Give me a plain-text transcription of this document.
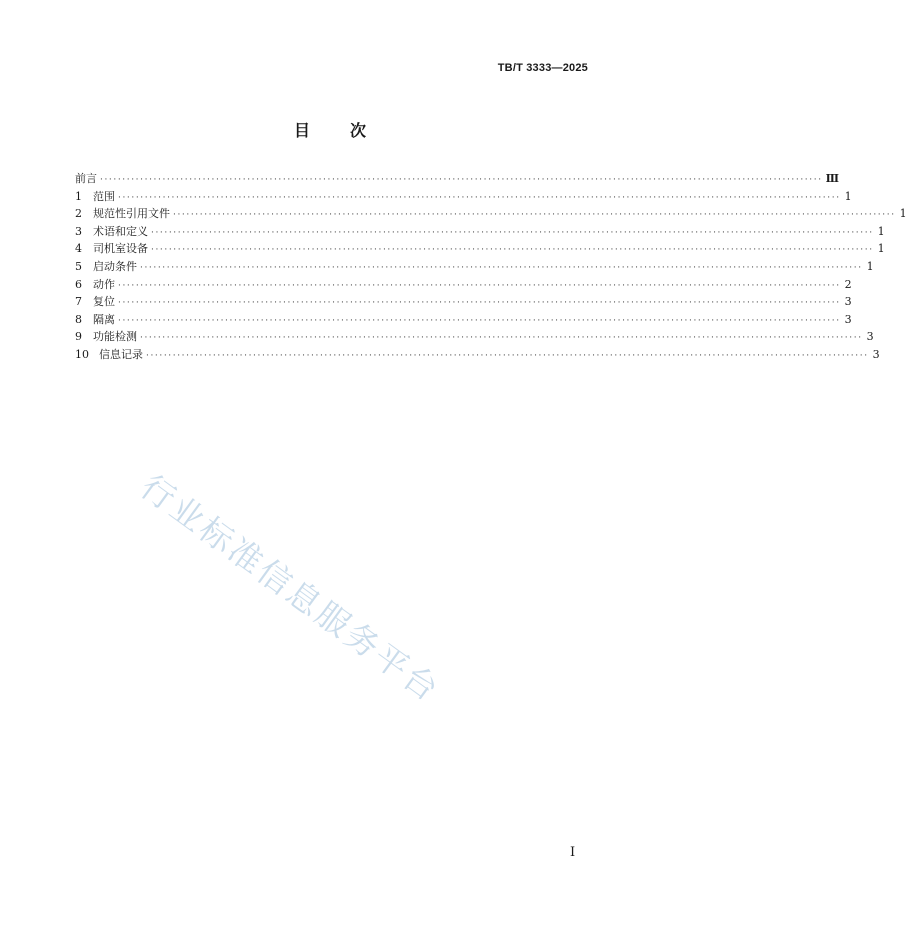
TB/T 3333—2025
目 次
前言 ·································································································································································· Ⅲ
1	范围 ·································································································································································· 1
2	规范性引用文件 ·································································································································································· 1
3	术语和定义 ·································································································································································· 1
4	司机室设备 ·································································································································································· 1
5	启动条件 ·································································································································································· 1
6	动作 ·································································································································································· 2
7	复位 ·································································································································································· 3
8	隔离 ·································································································································································· 3
9	功能检测 ·································································································································································· 3
10 信息记录 ·································································································································································· 3
行业标准信息服务平台
I
